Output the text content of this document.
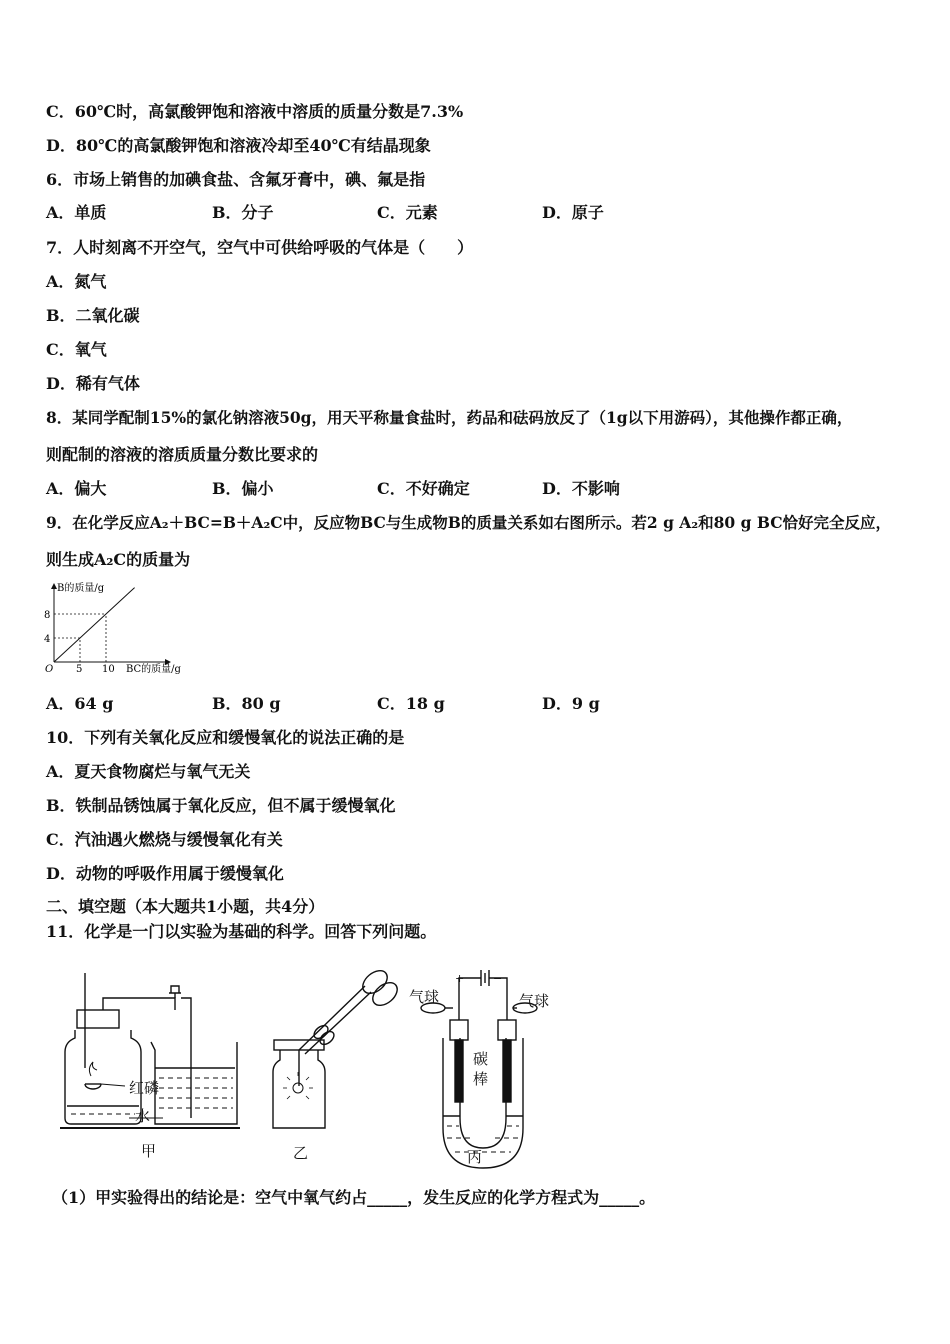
C．60℃时，高氯酸钾饱和溶液中溶质的质量分数是7.3%
D．80℃的高氯酸钾饱和溶液冷却至40℃有结晶现象
6．市场上销售的加碘食盐、含氟牙膏中，碘、氟是指
A．单质	B．分子	C．元素	D．原子
7．人时刻离不开空气，空气中可供给呼吸的气体是（　　）
A．氮气
B．二氧化碳
C．氧气
D．稀有气体
8．某同学配制15%的氯化钠溶液50g，用天平称量食盐时，药品和砝码放反了（1g以下用游码），其他操作都正确，
则配制的溶液的溶质质量分数比要求的
A．偏大	B．偏小	C．不好确定	D．不影响
9．在化学反应A₂＋BC=B＋A₂C中，反应物BC与生成物B的质量关系如右图所示。若2 g A₂和80 g BC恰好完全反应，
则生成A₂C的质量为
B的质量/g
BC的质量/g
O 5 10
4
8
A．64 g	B．80 g	C．18 g	D．9 g
10．下列有关氧化反应和缓慢氧化的说法正确的是
A．夏天食物腐烂与氧气无关
B．铁制品锈蚀属于氧化反应，但不属于缓慢氧化
C．汽油遇火燃烧与缓慢氧化有关
D．动物的呼吸作用属于缓慢氧化
二、填空题（本大题共1小题，共4分）
11．化学是一门以实验为基础的科学。回答下列问题。
红磷
水
甲	乙	丙
气球	气球
碳
棒
+	−
（1）甲实验得出的结论是：空气中氧气约占_____，发生反应的化学方程式为_____。
